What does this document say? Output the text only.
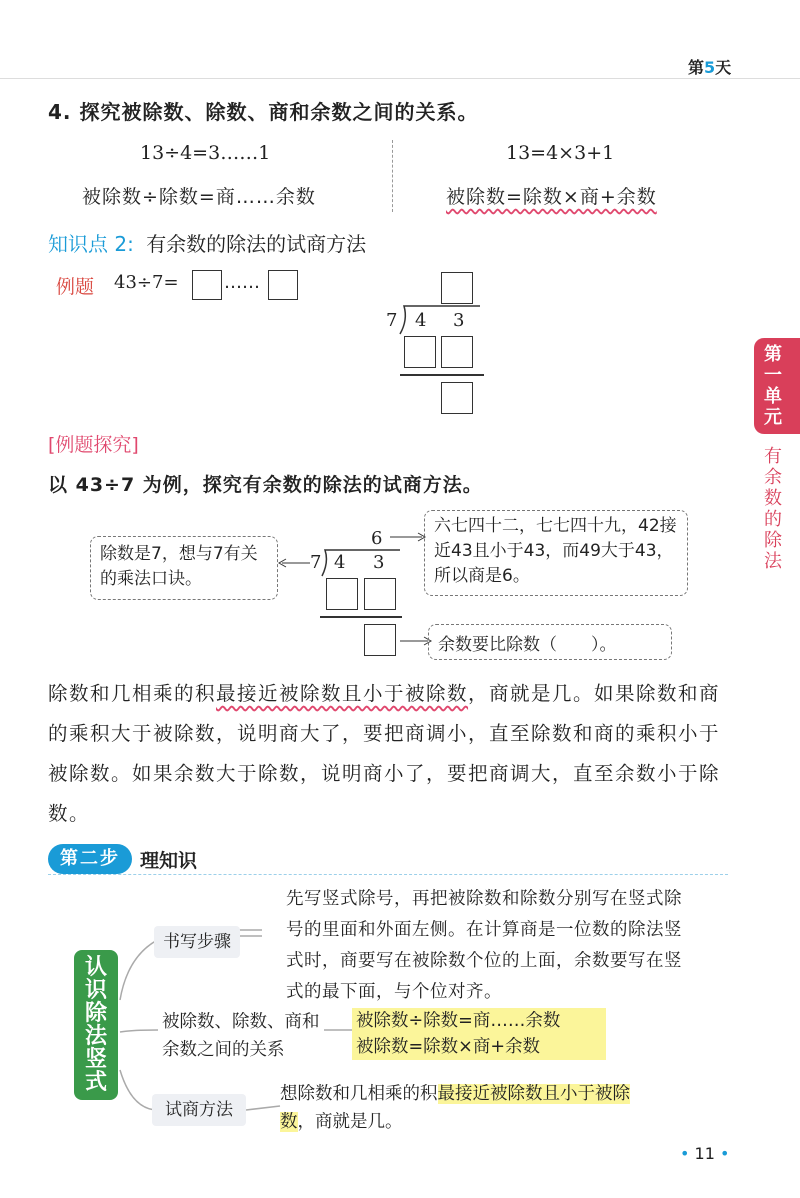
第5天
4. 探究被除数、除数、商和余数之间的关系。
13÷4=3……1
被除数÷除数=商……余数
13=4×3+1
被除数=除数×商+余数
知识点 2: 有余数的除法的试商方法
例题 43÷7=	……
7 4 3
第一单元
有余数的除法
[例题探究]
以 43÷7 为例，探究有余数的除法的试商方法。
6
7 4 3
除数是7，想与7有关的乘法口诀。
六七四十二，七七四十九，42接近43且小于43，而49大于43，所以商是6。
余数要比除数（　　）。
除数和几相乘的积最接近被除数且小于被除数，商就是几。如果除数和商的乘积大于被除数，说明商大了，要把商调小，直至除数和商的乘积小于被除数。如果余数大于除数，说明商小了，要把商调大，直至余数小于除数。
第二步	理知识
认识除法竖式
书写步骤
先写竖式除号，再把被除数和除数分别写在竖式除号的里面和外面左侧。在计算商是一位数的除法竖式时，商要写在被除数个位的上面，余数要写在竖式的最下面，与个位对齐。
被除数、除数、商和余数之间的关系
被除数÷除数=商……余数
被除数=除数×商+余数
试商方法
想除数和几相乘的积最接近被除数且小于被除数，商就是几。
• 11 •
